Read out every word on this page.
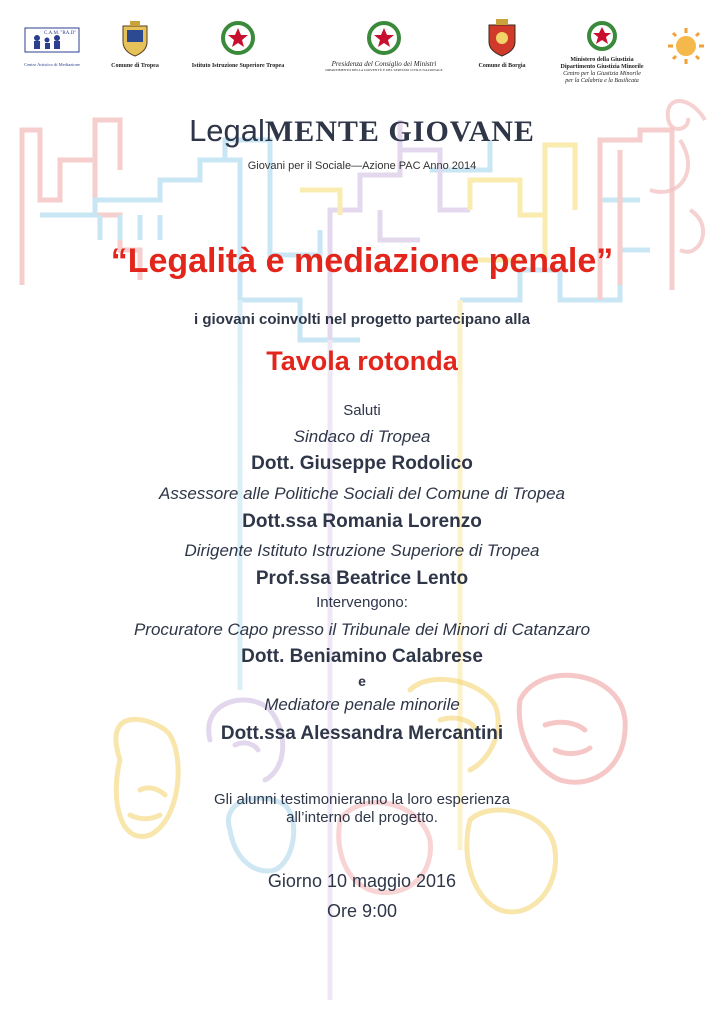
C.A.M. "RA.D"
Centro Artistico di Mediazione	Comune di Tropea	Istituto Istruzione Superiore Tropea	Presidenza del Consiglio dei Ministri
DIPARTIMENTO DELLA GIOVENTÙ E DEL SERVIZIO CIVILE NAZIONALE
Comune di Borgia
Ministero della Giustizia
Dipartimento Giustizia Minorile
Centro per la Giustizia Minorile
per la Calabria e la Basilicata
LegalMENTE GIOVANE
Giovani per il Sociale—Azione PAC Anno 2014
“Legalità e mediazione penale”
i giovani coinvolti nel progetto partecipano alla
Tavola rotonda
Saluti
Sindaco di Tropea
Dott. Giuseppe Rodolico
Assessore alle Politiche Sociali del Comune di Tropea
Dott.ssa Romania Lorenzo
Dirigente Istituto Istruzione Superiore di Tropea
Prof.ssa Beatrice Lento
Intervengono:
Procuratore Capo presso il Tribunale dei Minori di Catanzaro
Dott. Beniamino Calabrese
e
Mediatore penale minorile
Dott.ssa Alessandra Mercantini
Gli alunni testimonieranno la loro esperienza
all’interno del progetto.
Giorno 10 maggio 2016
Ore 9:00
